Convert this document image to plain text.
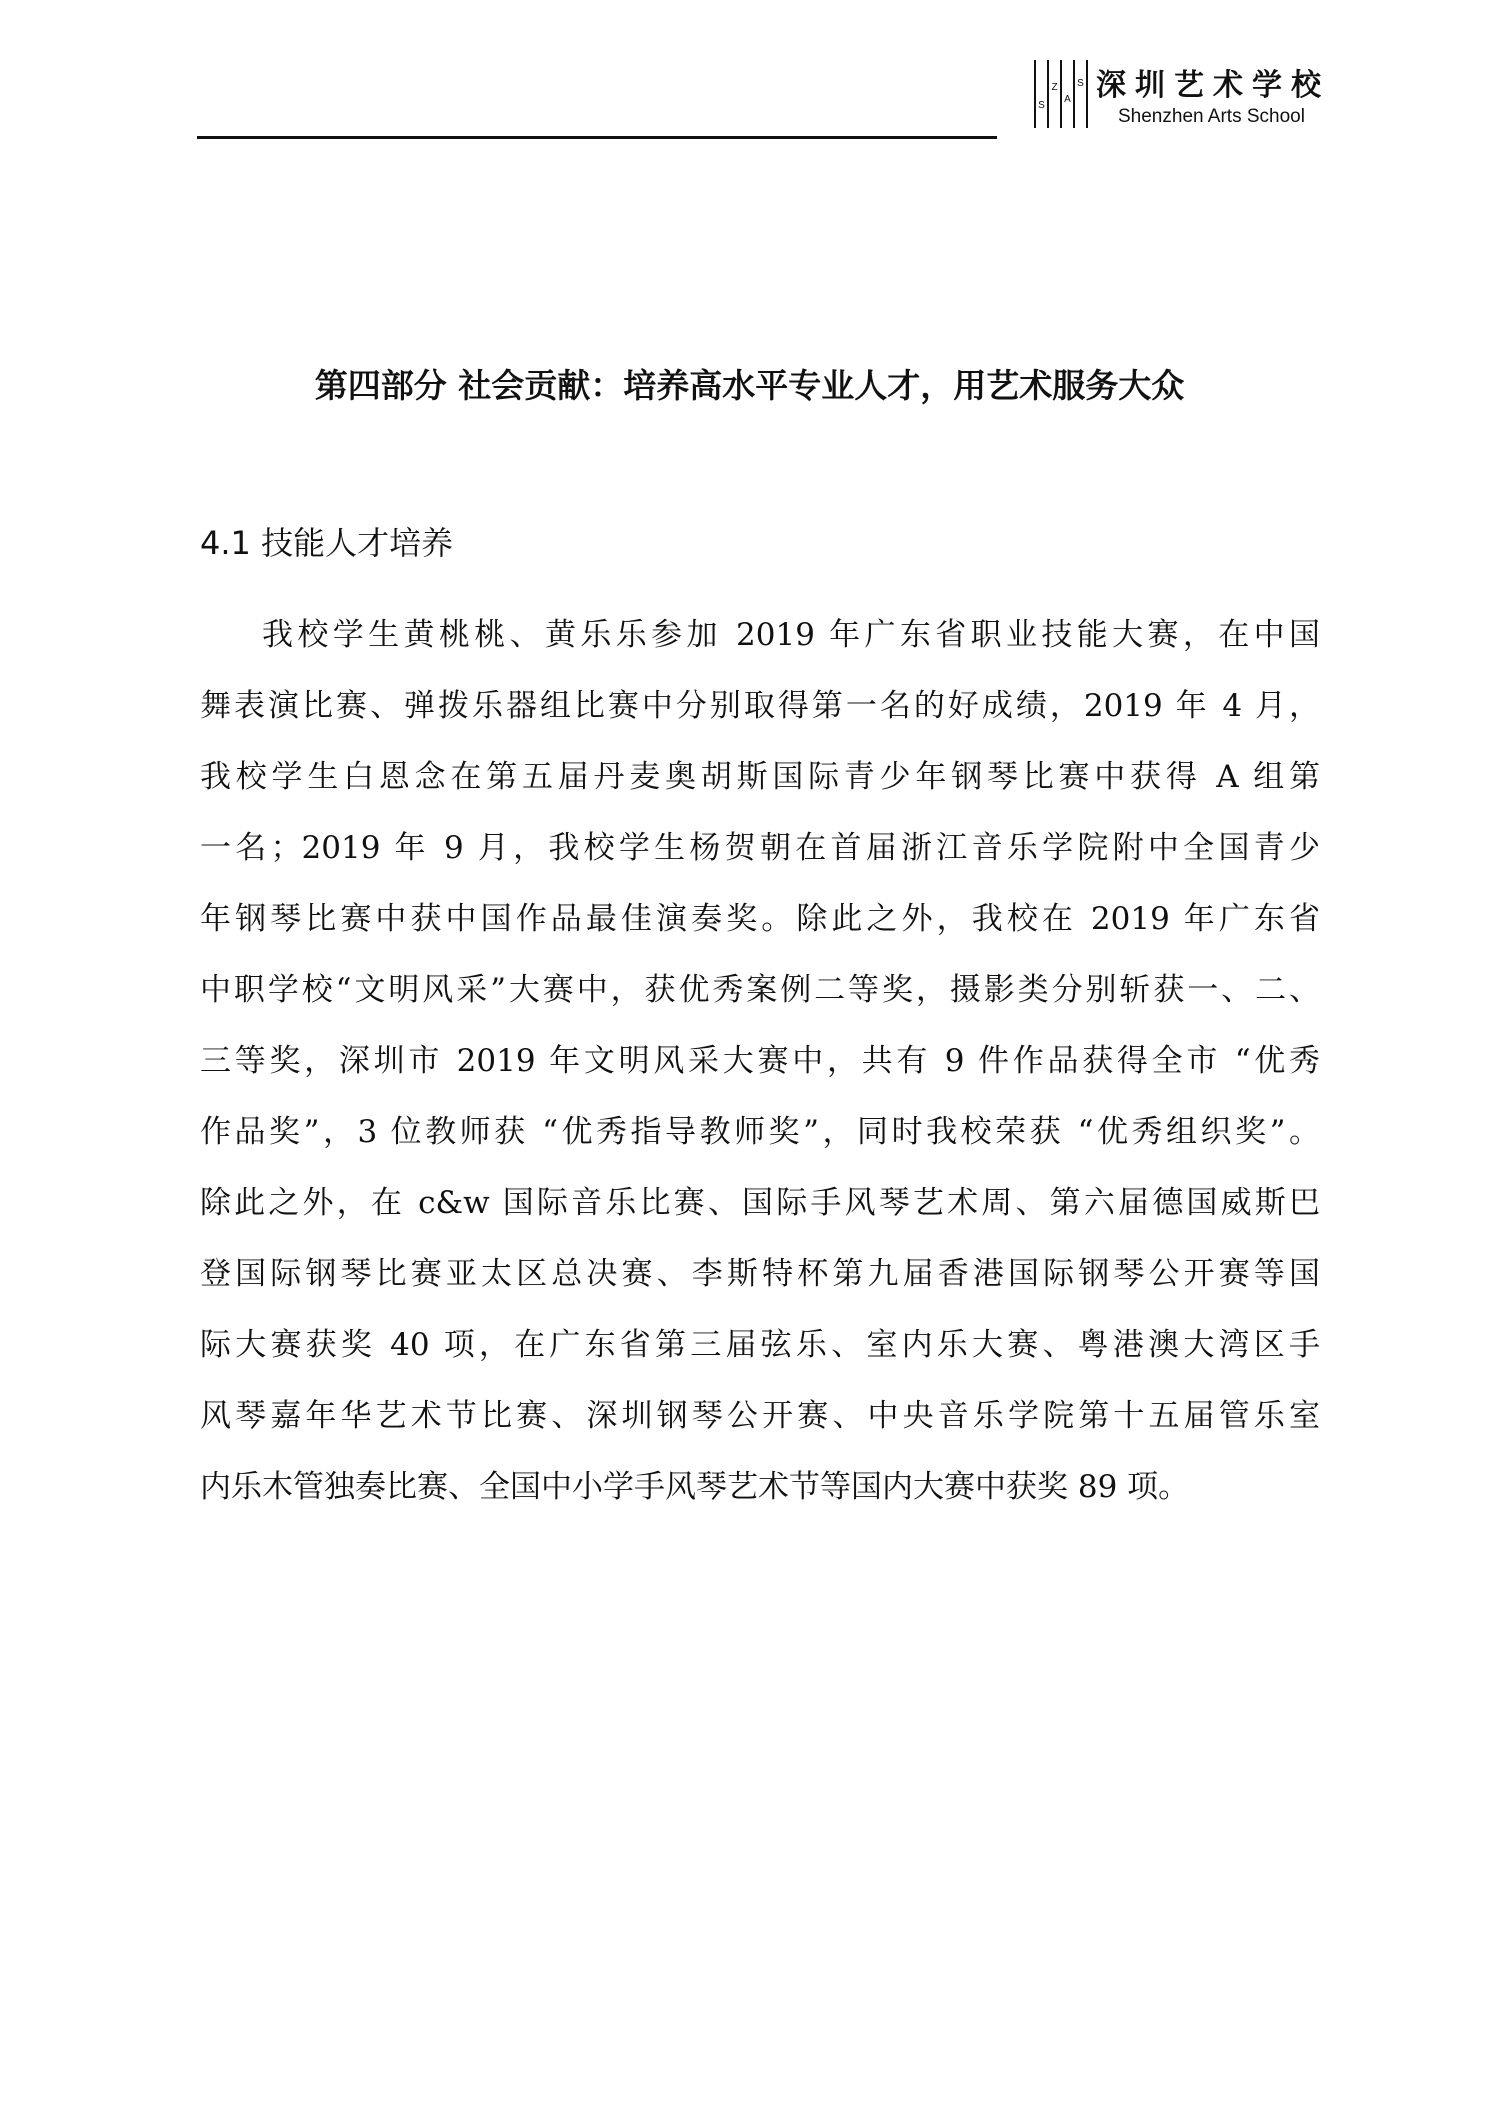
S
Z
A
S 深圳艺术学校
Shenzhen Arts School
第四部分 社会贡献：培养高水平专业人才，用艺术服务大众
4.1 技能人才培养
我校学生黄桃桃、黄乐乐参加 2019 年广东省职业技能大赛，在中国
舞表演比赛、弹拨乐器组比赛中分别取得第一名的好成绩，2019 年 4 月，
我校学生白恩念在第五届丹麦奥胡斯国际青少年钢琴比赛中获得 A 组第
一名；2019 年 9 月，我校学生杨贺朝在首届浙江音乐学院附中全国青少
年钢琴比赛中获中国作品最佳演奏奖。除此之外，我校在 2019 年广东省
中职学校“文明风采”大赛中，获优秀案例二等奖，摄影类分别斩获一、二、
三等奖，深圳市 2019 年文明风采大赛中，共有 9 件作品获得全市 “优秀
作品奖”，3 位教师获 “优秀指导教师奖”，同时我校荣获 “优秀组织奖”。
除此之外，在 c&w 国际音乐比赛、国际手风琴艺术周、第六届德国威斯巴
登国际钢琴比赛亚太区总决赛、李斯特杯第九届香港国际钢琴公开赛等国
际大赛获奖 40 项，在广东省第三届弦乐、室内乐大赛、粤港澳大湾区手
风琴嘉年华艺术节比赛、深圳钢琴公开赛、中央音乐学院第十五届管乐室
内乐木管独奏比赛、全国中小学手风琴艺术节等国内大赛中获奖 89 项。
